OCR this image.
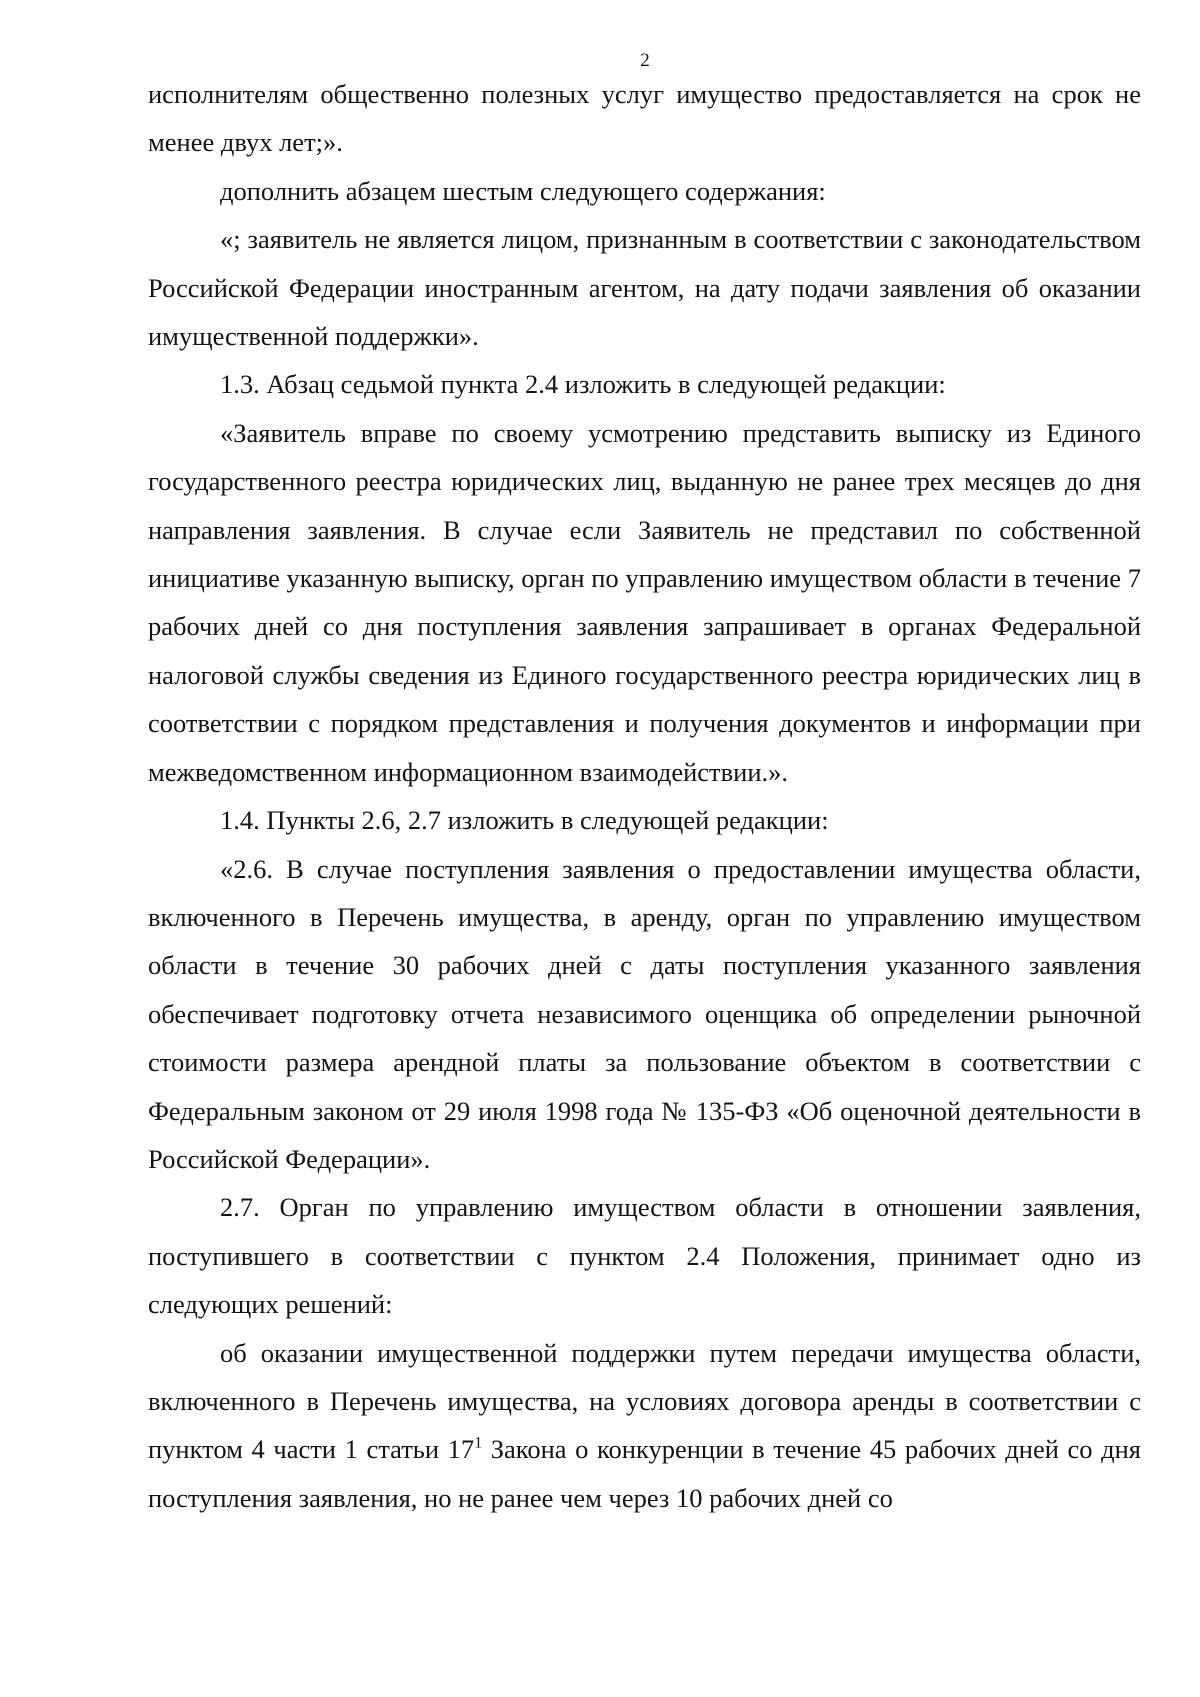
2

исполнителям общественно полезных услуг имущество предоставляется на срок не менее двух лет;».

дополнить абзацем шестым следующего содержания:

«; заявитель не является лицом, признанным в соответствии с законодательством Российской Федерации иностранным агентом, на дату подачи заявления об оказании имущественной поддержки».

1.3. Абзац седьмой пункта 2.4 изложить в следующей редакции:

«Заявитель вправе по своему усмотрению представить выписку из Единого государственного реестра юридических лиц, выданную не ранее трех месяцев до дня направления заявления. В случае если Заявитель не представил по собственной инициативе указанную выписку, орган по управлению имуществом области в течение 7 рабочих дней со дня поступления заявления запрашивает в органах Федеральной налоговой службы сведения из Единого государственного реестра юридических лиц в соответствии с порядком представления и получения документов и информации при межведомственном информационном взаимодействии.».

1.4. Пункты 2.6, 2.7 изложить в следующей редакции:

«2.6. В случае поступления заявления о предоставлении имущества области, включенного в Перечень имущества, в аренду, орган по управлению имуществом области в течение 30 рабочих дней с даты поступления указанного заявления обеспечивает подготовку отчета независимого оценщика об определении рыночной стоимости размера арендной платы за пользование объектом в соответствии с Федеральным законом от 29 июля 1998 года № 135-ФЗ «Об оценочной деятельности в Российской Федерации».

2.7. Орган по управлению имуществом области в отношении заявления, поступившего в соответствии с пунктом 2.4 Положения, принимает одно из следующих решений:

об оказании имущественной поддержки путем передачи имущества области, включенного в Перечень имущества, на условиях договора аренды в соответствии с пунктом 4 части 1 статьи $17^1$ Закона о конкуренции в течение 45 рабочих дней со дня поступления заявления, но не ранее чем через 10 рабочих дней со
